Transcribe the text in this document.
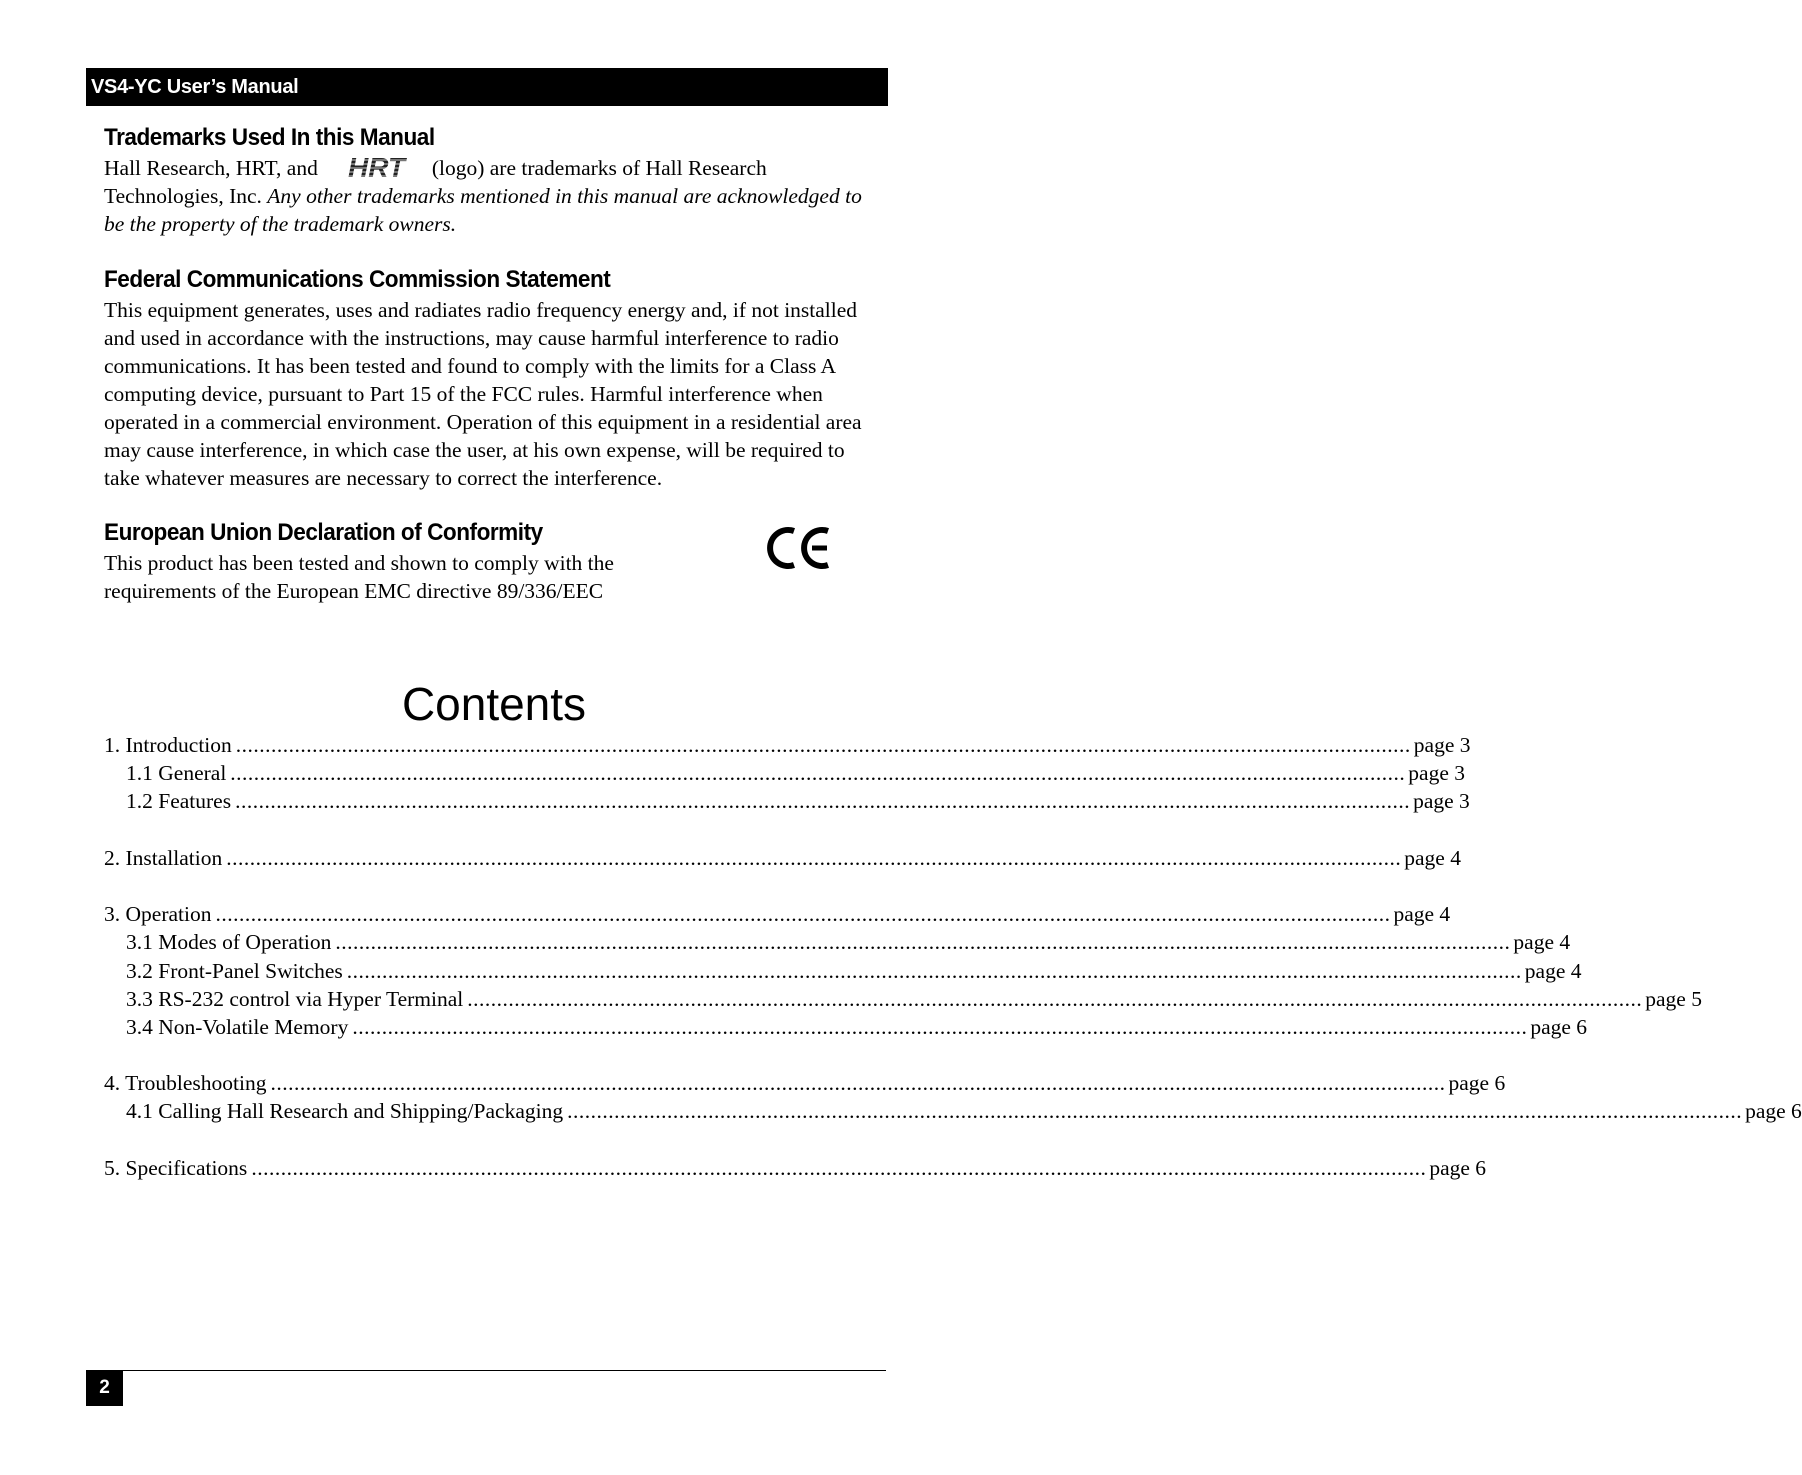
VS4-YC User’s Manual
Trademarks Used In this Manual

Hall Research, HRT, and HRT (logo) are trademarks of Hall Research Technologies, Inc. Any other trademarks mentioned in this manual are acknowledged to be the property of the trademark owners.

Federal Communications Commission Statement

This equipment generates, uses and radiates radio frequency energy and, if not installed and used in accordance with the instructions, may cause harmful interference to radio communications. It has been tested and found to comply with the limits for a Class A computing device, pursuant to Part 15 of the FCC rules. Harmful interference when operated in a commercial environment. Operation of this equipment in a residential area may cause interference, in which case the user, at his own expense, will be required to take whatever measures are necessary to correct the interference.

European Union Declaration of Conformity

This product has been tested and shown to comply with the
requirements of the European EMC directive 89/336/EEC

Contents
1. Introduction ........................................................................................................................................................................................................ page 3
1.1 General ........................................................................................................................................................................................................ page 3
1.2 Features ........................................................................................................................................................................................................ page 3
2. Installation ........................................................................................................................................................................................................ page 4
3. Operation ........................................................................................................................................................................................................ page 4
3.1 Modes of Operation ........................................................................................................................................................................................................ page 4
3.2 Front-Panel Switches ........................................................................................................................................................................................................ page 4
3.3 RS-232 control via Hyper Terminal ........................................................................................................................................................................................................ page 5
3.4 Non-Volatile Memory ........................................................................................................................................................................................................ page 6
4. Troubleshooting ........................................................................................................................................................................................................ page 6
4.1 Calling Hall Research and Shipping/Packaging ........................................................................................................................................................................................................ page 6
5. Specifications ........................................................................................................................................................................................................ page 6
2
